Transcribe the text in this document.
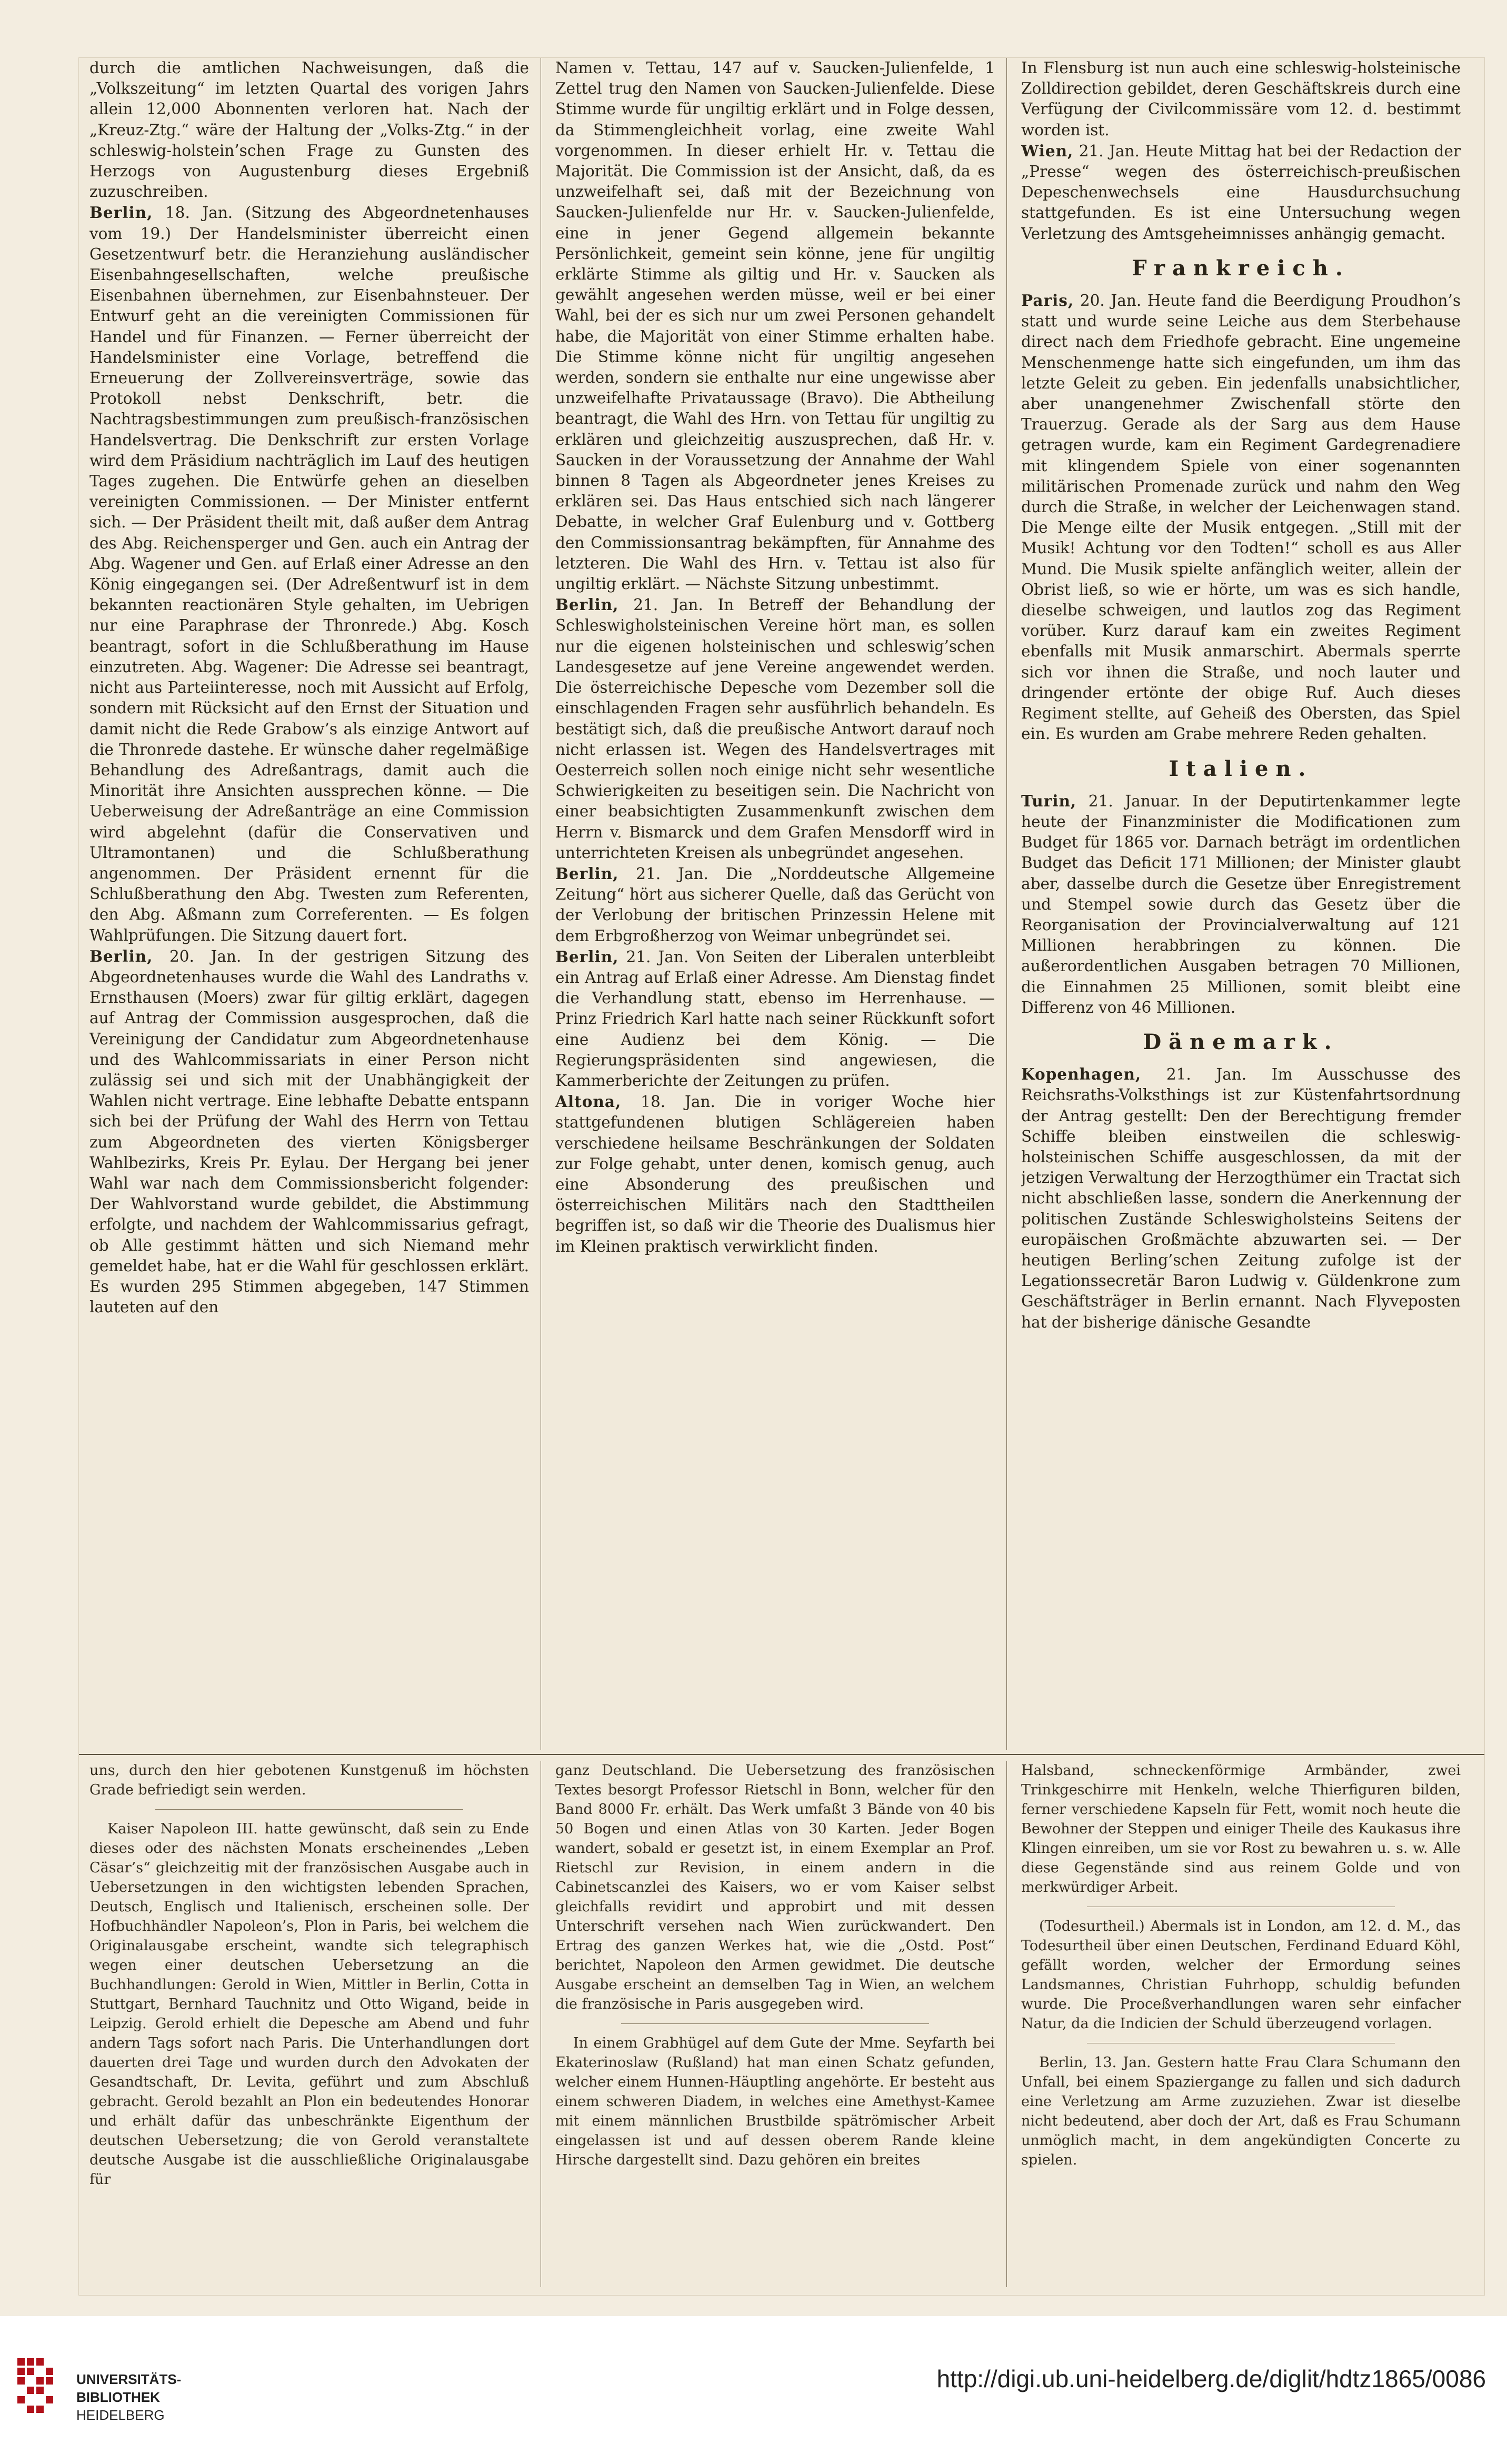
durch die amtlichen Nachweisungen, daß die „Volkszeitung“ im letzten Quartal des vorigen Jahrs allein 12,000 Abonnenten verloren hat. Nach der „Kreuz-Ztg.“ wäre der Haltung der „Volks-Ztg.“ in der schleswig-holstein’schen Frage zu Gunsten des Herzogs von Augustenburg dieses Ergebniß zuzuschreiben.

Berlin, 18. Jan. (Sitzung des Abgeordnetenhauses vom 19.) Der Handelsminister überreicht einen Gesetzentwurf betr. die Heranziehung ausländischer Eisenbahngesellschaften, welche preußische Eisenbahnen übernehmen, zur Eisenbahnsteuer. Der Entwurf geht an die vereinigten Commissionen für Handel und für Finanzen. — Ferner überreicht der Handelsminister eine Vorlage, betreffend die Erneuerung der Zollvereinsverträge, sowie das Protokoll nebst Denkschrift, betr. die Nachtragsbestimmungen zum preußisch-französischen Handelsvertrag. Die Denkschrift zur ersten Vorlage wird dem Präsidium nachträglich im Lauf des heutigen Tages zugehen. Die Entwürfe gehen an dieselben vereinigten Commissionen. — Der Minister entfernt sich. — Der Präsident theilt mit, daß außer dem Antrag des Abg. Reichensperger und Gen. auch ein Antrag der Abg. Wagener und Gen. auf Erlaß einer Adresse an den König eingegangen sei. (Der Adreßentwurf ist in dem bekannten reactionären Style gehalten, im Uebrigen nur eine Paraphrase der Thronrede.) Abg. Kosch beantragt, sofort in die Schlußberathung im Hause einzutreten. Abg. Wagener: Die Adresse sei beantragt, nicht aus Parteiinteresse, noch mit Aussicht auf Erfolg, sondern mit Rücksicht auf den Ernst der Situation und damit nicht die Rede Grabow’s als einzige Antwort auf die Thronrede dastehe. Er wünsche daher regelmäßige Behandlung des Adreßantrags, damit auch die Minorität ihre Ansichten aussprechen könne. — Die Ueberweisung der Adreßanträge an eine Commission wird abgelehnt (dafür die Conservativen und Ultramontanen) und die Schlußberathung angenommen. Der Präsident ernennt für die Schlußberathung den Abg. Twesten zum Referenten, den Abg. Aßmann zum Correferenten. — Es folgen Wahlprüfungen. Die Sitzung dauert fort.

Berlin, 20. Jan. In der gestrigen Sitzung des Abgeordnetenhauses wurde die Wahl des Landraths v. Ernsthausen (Moers) zwar für giltig erklärt, dagegen auf Antrag der Commission ausgesprochen, daß die Vereinigung der Candidatur zum Abgeordnetenhause und des Wahlcommissariats in einer Person nicht zulässig sei und sich mit der Unabhängigkeit der Wahlen nicht vertrage. Eine lebhafte Debatte entspann sich bei der Prüfung der Wahl des Herrn von Tettau zum Abgeordneten des vierten Königsberger Wahlbezirks, Kreis Pr. Eylau. Der Hergang bei jener Wahl war nach dem Commissionsbericht folgender: Der Wahlvorstand wurde gebildet, die Abstimmung erfolgte, und nachdem der Wahlcommissarius gefragt, ob Alle gestimmt hätten und sich Niemand mehr gemeldet habe, hat er die Wahl für geschlossen erklärt. Es wurden 295 Stimmen abgegeben, 147 Stimmen lauteten auf den

Namen v. Tettau, 147 auf v. Saucken-Julienfelde, 1 Zettel trug den Namen von Saucken-Julienfelde. Diese Stimme wurde für ungiltig erklärt und in Folge dessen, da Stimmengleichheit vorlag, eine zweite Wahl vorgenommen. In dieser erhielt Hr. v. Tettau die Majorität. Die Commission ist der Ansicht, daß, da es unzweifelhaft sei, daß mit der Bezeichnung von Saucken-Julienfelde nur Hr. v. Saucken-Julienfelde, eine in jener Gegend allgemein bekannte Persönlichkeit, gemeint sein könne, jene für ungiltig erklärte Stimme als giltig und Hr. v. Saucken als gewählt angesehen werden müsse, weil er bei einer Wahl, bei der es sich nur um zwei Personen gehandelt habe, die Majorität von einer Stimme erhalten habe. Die Stimme könne nicht für ungiltig angesehen werden, sondern sie enthalte nur eine ungewisse aber unzweifelhafte Privataussage (Bravo). Die Abtheilung beantragt, die Wahl des Hrn. von Tettau für ungiltig zu erklären und gleichzeitig auszusprechen, daß Hr. v. Saucken in der Voraussetzung der Annahme der Wahl binnen 8 Tagen als Abgeordneter jenes Kreises zu erklären sei. Das Haus entschied sich nach längerer Debatte, in welcher Graf Eulenburg und v. Gottberg den Commissionsantrag bekämpften, für Annahme des letzteren. Die Wahl des Hrn. v. Tettau ist also für ungiltig erklärt. — Nächste Sitzung unbestimmt.

Berlin, 21. Jan. In Betreff der Behandlung der Schleswigholsteinischen Vereine hört man, es sollen nur die eigenen holsteinischen und schleswig’schen Landesgesetze auf jene Vereine angewendet werden. Die österreichische Depesche vom Dezember soll die einschlagenden Fragen sehr ausführlich behandeln. Es bestätigt sich, daß die preußische Antwort darauf noch nicht erlassen ist. Wegen des Handelsvertrages mit Oesterreich sollen noch einige nicht sehr wesentliche Schwierigkeiten zu beseitigen sein. Die Nachricht von einer beabsichtigten Zusammenkunft zwischen dem Herrn v. Bismarck und dem Grafen Mensdorff wird in unterrichteten Kreisen als unbegründet angesehen.

Berlin, 21. Jan. Die „Norddeutsche Allgemeine Zeitung“ hört aus sicherer Quelle, daß das Gerücht von der Verlobung der britischen Prinzessin Helene mit dem Erbgroßherzog von Weimar unbegründet sei.

Berlin, 21. Jan. Von Seiten der Liberalen unterbleibt ein Antrag auf Erlaß einer Adresse. Am Dienstag findet die Verhandlung statt, ebenso im Herrenhause. — Prinz Friedrich Karl hatte nach seiner Rückkunft sofort eine Audienz bei dem König. — Die Regierungspräsidenten sind angewiesen, die Kammerberichte der Zeitungen zu prüfen.

Altona, 18. Jan. Die in voriger Woche hier stattgefundenen blutigen Schlägereien haben verschiedene heilsame Beschränkungen der Soldaten zur Folge gehabt, unter denen, komisch genug, auch eine Absonderung des preußischen und österreichischen Militärs nach den Stadttheilen begriffen ist, so daß wir die Theorie des Dualismus hier im Kleinen praktisch verwirklicht finden.

In Flensburg ist nun auch eine schleswig-holsteinische Zolldirection gebildet, deren Geschäftskreis durch eine Verfügung der Civilcommissäre vom 12. d. bestimmt worden ist.

Wien, 21. Jan. Heute Mittag hat bei der Redaction der „Presse“ wegen des österreichisch-preußischen Depeschenwechsels eine Hausdurchsuchung stattgefunden. Es ist eine Untersuchung wegen Verletzung des Amtsgeheimnisses anhängig gemacht.

Frankreich.

Paris, 20. Jan. Heute fand die Beerdigung Proudhon’s statt und wurde seine Leiche aus dem Sterbehause direct nach dem Friedhofe gebracht. Eine ungemeine Menschenmenge hatte sich eingefunden, um ihm das letzte Geleit zu geben. Ein jedenfalls unabsichtlicher, aber unangenehmer Zwischenfall störte den Trauerzug. Gerade als der Sarg aus dem Hause getragen wurde, kam ein Regiment Gardegrenadiere mit klingendem Spiele von einer sogenannten militärischen Promenade zurück und nahm den Weg durch die Straße, in welcher der Leichenwagen stand. Die Menge eilte der Musik entgegen. „Still mit der Musik! Achtung vor den Todten!“ scholl es aus Aller Mund. Die Musik spielte anfänglich weiter, allein der Obrist ließ, so wie er hörte, um was es sich handle, dieselbe schweigen, und lautlos zog das Regiment vorüber. Kurz darauf kam ein zweites Regiment ebenfalls mit Musik anmarschirt. Abermals sperrte sich vor ihnen die Straße, und noch lauter und dringender ertönte der obige Ruf. Auch dieses Regiment stellte, auf Geheiß des Obersten, das Spiel ein. Es wurden am Grabe mehrere Reden gehalten.

Italien.

Turin, 21. Januar. In der Deputirtenkammer legte heute der Finanzminister die Modificationen zum Budget für 1865 vor. Darnach beträgt im ordentlichen Budget das Deficit 171 Millionen; der Minister glaubt aber, dasselbe durch die Gesetze über Enregistrement und Stempel sowie durch das Gesetz über die Reorganisation der Provincialverwaltung auf 121 Millionen herabbringen zu können. Die außerordentlichen Ausgaben betragen 70 Millionen, die Einnahmen 25 Millionen, somit bleibt eine Differenz von 46 Millionen.

Dänemark.

Kopenhagen, 21. Jan. Im Ausschusse des Reichsraths-Volksthings ist zur Küstenfahrtsordnung der Antrag gestellt: Den der Berechtigung fremder Schiffe bleiben einstweilen die schleswig-holsteinischen Schiffe ausgeschlossen, da mit der jetzigen Verwaltung der Herzogthümer ein Tractat sich nicht abschließen lasse, sondern die Anerkennung der politischen Zustände Schleswigholsteins Seitens der europäischen Großmächte abzuwarten sei. — Der heutigen Berling’schen Zeitung zufolge ist der Legationssecretär Baron Ludwig v. Güldenkrone zum Geschäftsträger in Berlin ernannt. Nach Flyveposten hat der bisherige dänische Gesandte

uns, durch den hier gebotenen Kunstgenuß im höchsten Grade befriedigt sein werden.

Kaiser Napoleon III. hatte gewünscht, daß sein zu Ende dieses oder des nächsten Monats erscheinendes „Leben Cäsar’s“ gleichzeitig mit der französischen Ausgabe auch in Uebersetzungen in den wichtigsten lebenden Sprachen, Deutsch, Englisch und Italienisch, erscheinen solle. Der Hofbuchhändler Napoleon’s, Plon in Paris, bei welchem die Originalausgabe erscheint, wandte sich telegraphisch wegen einer deutschen Uebersetzung an die Buchhandlungen: Gerold in Wien, Mittler in Berlin, Cotta in Stuttgart, Bernhard Tauchnitz und Otto Wigand, beide in Leipzig. Gerold erhielt die Depesche am Abend und fuhr andern Tags sofort nach Paris. Die Unterhandlungen dort dauerten drei Tage und wurden durch den Advokaten der Gesandtschaft, Dr. Levita, geführt und zum Abschluß gebracht. Gerold bezahlt an Plon ein bedeutendes Honorar und erhält dafür das unbeschränkte Eigenthum der deutschen Uebersetzung; die von Gerold veranstaltete deutsche Ausgabe ist die ausschließliche Originalausgabe für

ganz Deutschland. Die Uebersetzung des französischen Textes besorgt Professor Rietschl in Bonn, welcher für den Band 8000 Fr. erhält. Das Werk umfaßt 3 Bände von 40 bis 50 Bogen und einen Atlas von 30 Karten. Jeder Bogen wandert, sobald er gesetzt ist, in einem Exemplar an Prof. Rietschl zur Revision, in einem andern in die Cabinetscanzlei des Kaisers, wo er vom Kaiser selbst gleichfalls revidirt und approbirt und mit dessen Unterschrift versehen nach Wien zurückwandert. Den Ertrag des ganzen Werkes hat, wie die „Ostd. Post“ berichtet, Napoleon den Armen gewidmet. Die deutsche Ausgabe erscheint an demselben Tag in Wien, an welchem die französische in Paris ausgegeben wird.

In einem Grabhügel auf dem Gute der Mme. Seyfarth bei Ekaterinoslaw (Rußland) hat man einen Schatz gefunden, welcher einem Hunnen-Häuptling angehörte. Er besteht aus einem schweren Diadem, in welches eine Amethyst-Kamee mit einem männlichen Brustbilde spätrömischer Arbeit eingelassen ist und auf dessen oberem Rande kleine Hirsche dargestellt sind. Dazu gehören ein breites

Halsband, schneckenförmige Armbänder, zwei Trinkgeschirre mit Henkeln, welche Thierfiguren bilden, ferner verschiedene Kapseln für Fett, womit noch heute die Bewohner der Steppen und einiger Theile des Kaukasus ihre Klingen einreiben, um sie vor Rost zu bewahren u. s. w. Alle diese Gegenstände sind aus reinem Golde und von merkwürdiger Arbeit.

(Todesurtheil.) Abermals ist in London, am 12. d. M., das Todesurtheil über einen Deutschen, Ferdinand Eduard Köhl, gefällt worden, welcher der Ermordung seines Landsmannes, Christian Fuhrhopp, schuldig befunden wurde. Die Proceßverhandlungen waren sehr einfacher Natur, da die Indicien der Schuld überzeugend vorlagen.

Berlin, 13. Jan. Gestern hatte Frau Clara Schumann den Unfall, bei einem Spaziergange zu fallen und sich dadurch eine Verletzung am Arme zuzuziehen. Zwar ist dieselbe nicht bedeutend, aber doch der Art, daß es Frau Schumann unmöglich macht, in dem angekündigten Concerte zu spielen.

UNIVERSITÄTS-
BIBLIOTHEK
HEIDELBERG
http://digi.ub.uni-heidelberg.de/diglit/hdtz1865/0086
